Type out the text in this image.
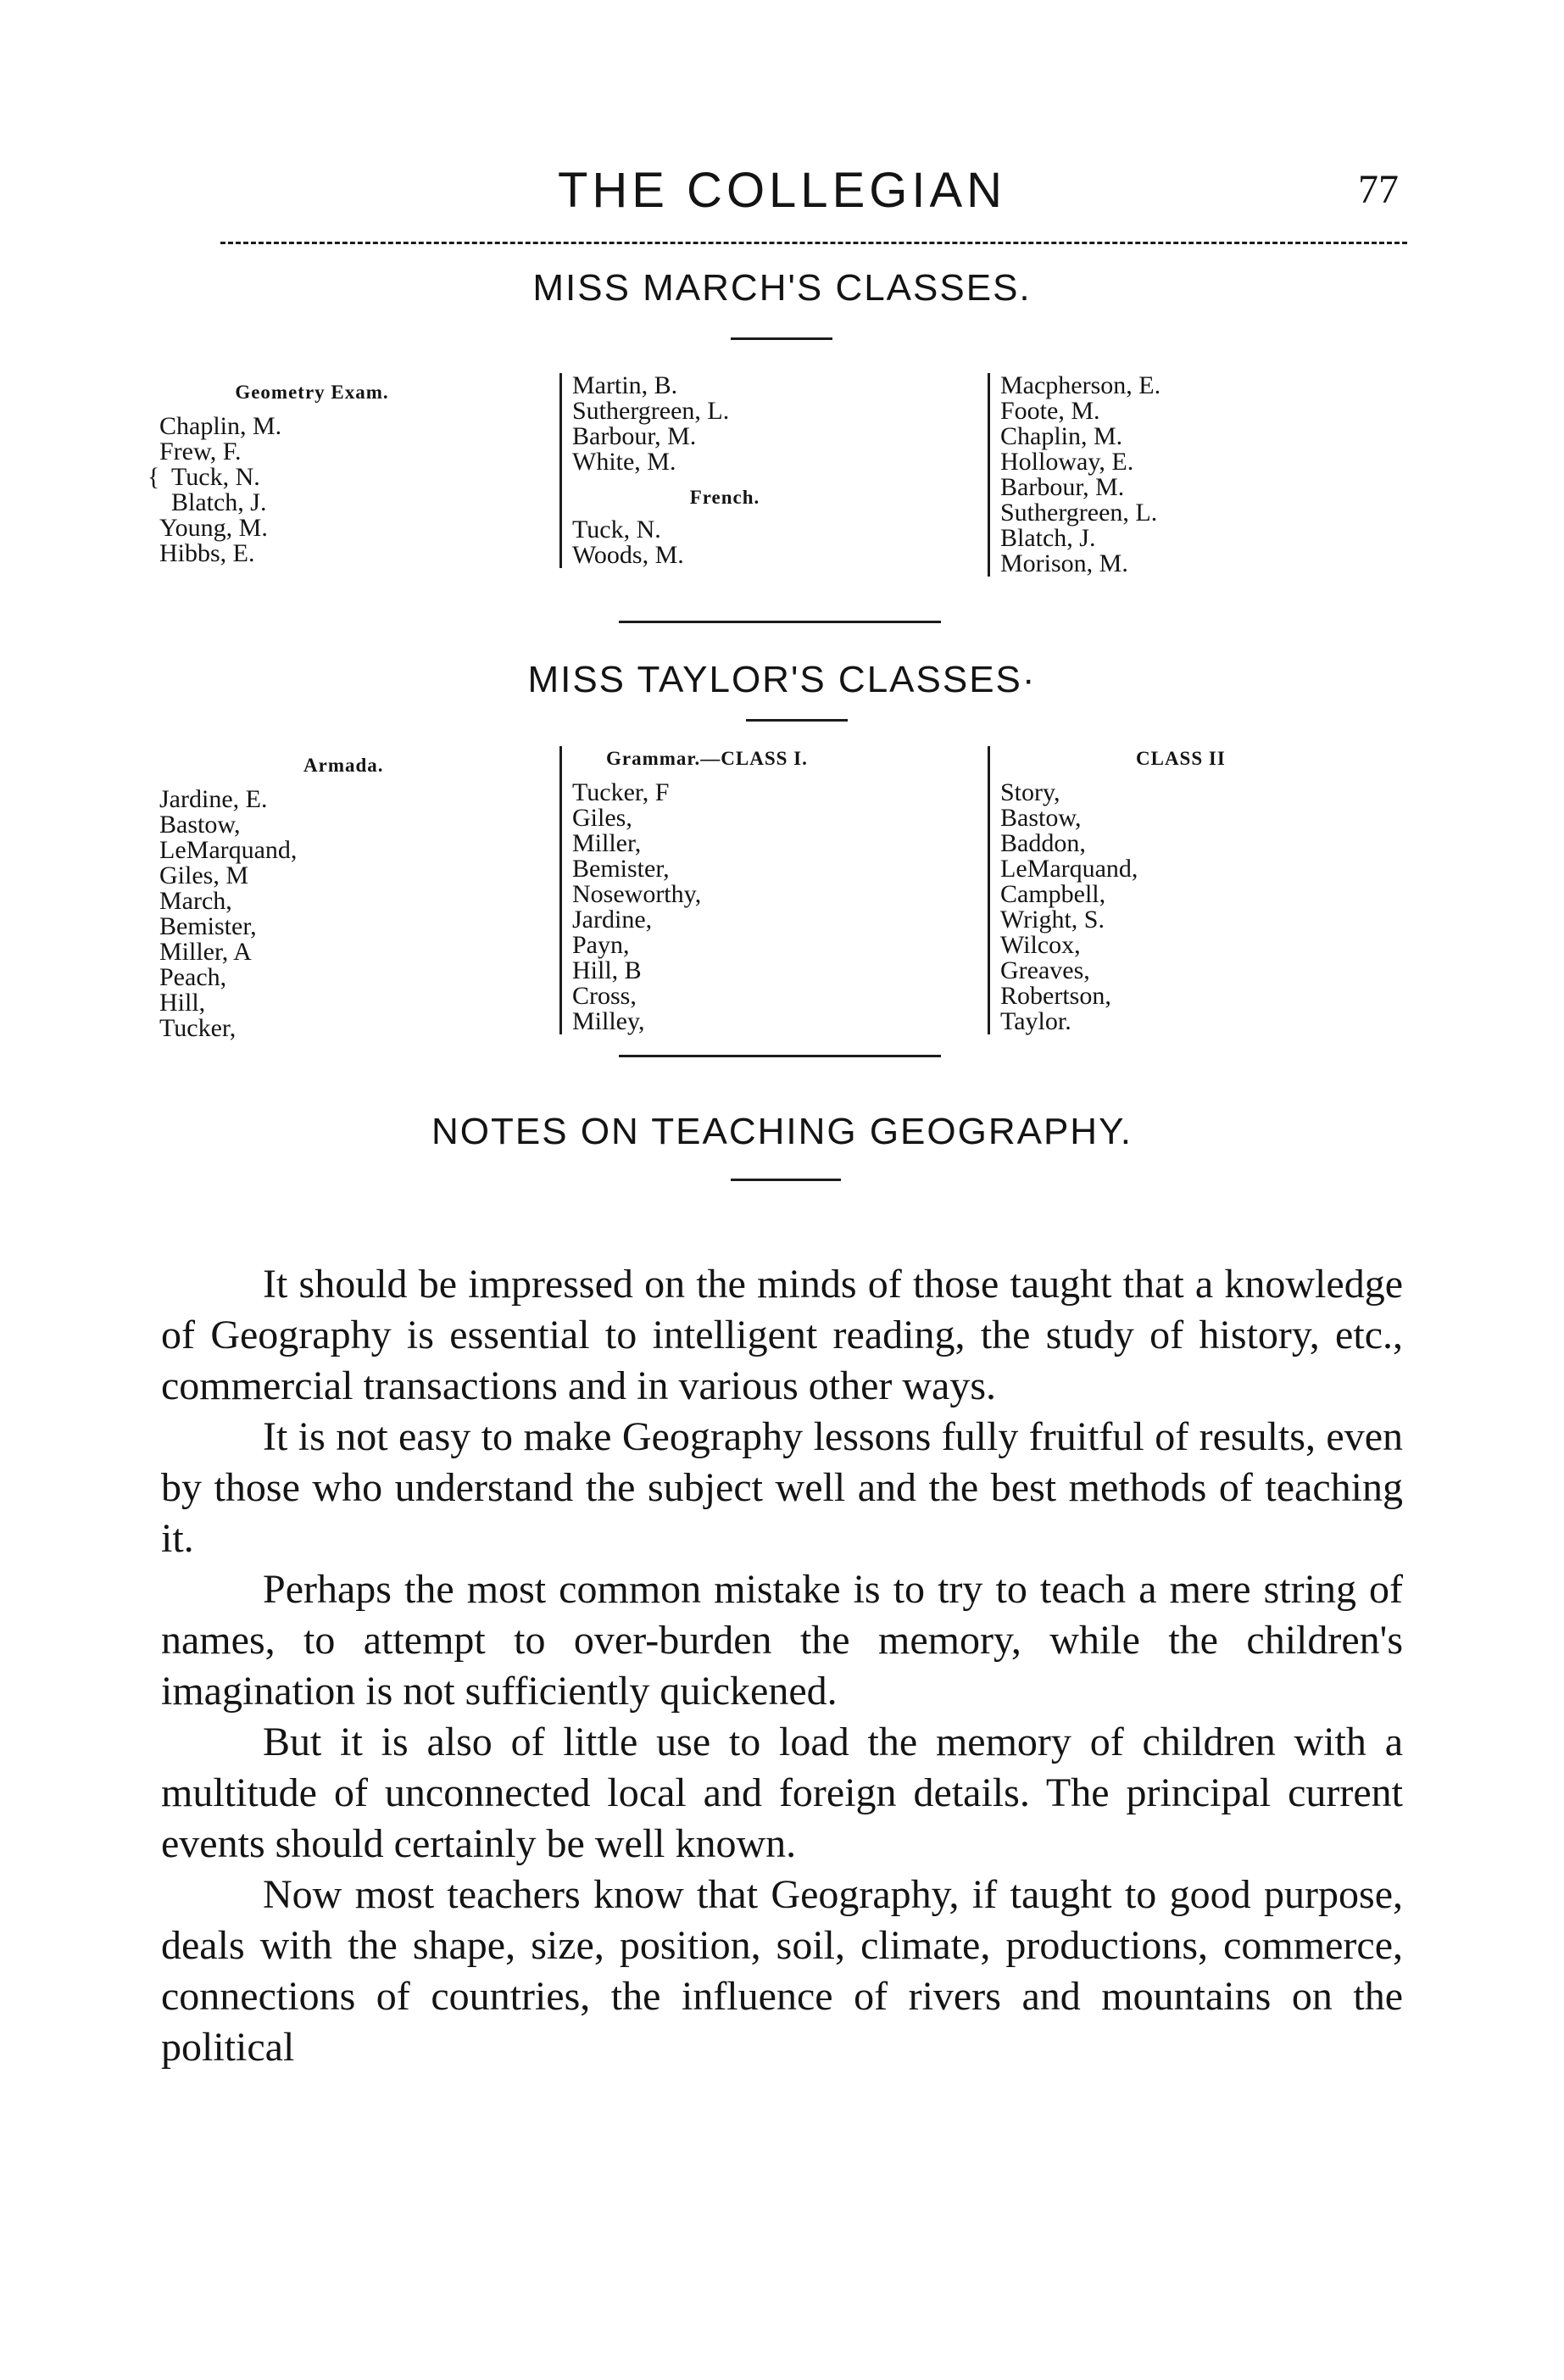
THE COLLEGIAN	77
MISS MARCH'S CLASSES.
Geometry Exam.
Chaplin, M.
Frew, F.
{ Tuck, N.
Blatch, J.
Young, M.
Hibbs, E.
Martin, B.
Suthergreen, L.
Barbour, M.
White, M.
French.
Tuck, N.
Woods, M.
Macpherson, E.
Foote, M.
Chaplin, M.
Holloway, E.
Barbour, M.
Suthergreen, L.
Blatch, J.
Morison, M.
MISS TAYLOR'S CLASSES·
Armada.
Jardine, E.
Bastow,
LeMarquand,
Giles, M
March,
Bemister,
Miller, A
Peach,
Hill,
Tucker,
Grammar.—CLASS I.
Tucker, F
Giles,
Miller,
Bemister,
Noseworthy,
Jardine,
Payn,
Hill, B
Cross,
Milley,
CLASS II
Story,
Bastow,
Baddon,
LeMarquand,
Campbell,
Wright, S.
Wilcox,
Greaves,
Robertson,
Taylor.
NOTES ON TEACHING GEOGRAPHY.

It should be impressed on the minds of those taught that a knowledge of Geography is essential to intelligent reading, the study of history, etc., commercial transactions and in various other ways.

It is not easy to make Geography lessons fully fruitful of results, even by those who understand the subject well and the best methods of teaching it.

Perhaps the most common mistake is to try to teach a mere string of names, to attempt to over-burden the memory, while the children's imagination is not sufficiently quickened.

But it is also of little use to load the memory of children with a multitude of unconnected local and foreign details. The principal current events should certainly be well known.

Now most teachers know that Geography, if taught to good purpose, deals with the shape, size, position, soil, climate, productions, commerce, connections of countries, the influence of rivers and mountains on the political
